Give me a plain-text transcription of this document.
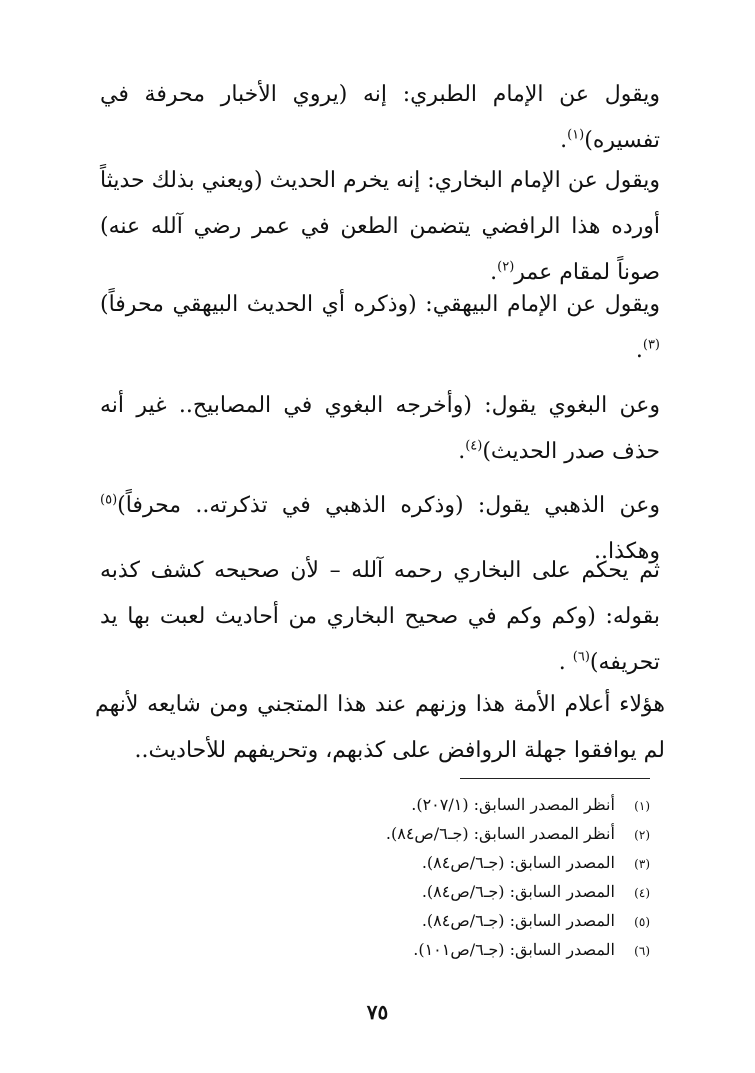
ويقول عن الإمام الطبري: إنه (يروي الأخبار محرفة في تفسيره)$^{(١)}$.

ويقول عن الإمام البخاري: إنه يخرم الحديث (ويعني بذلك حديثاً أورده هذا الرافضي يتضمن الطعن في عمر رضي آلله عنه) صوناً لمقام عمر$^{(٢)}$.

ويقول عن الإمام البيهقي: (وذكره أي الحديث البيهقي محرفاً)$^{(٣)}$.

وعن البغوي يقول: (وأخرجه البغوي في المصابيح.. غير أنه حذف صدر الحديث)$^{(٤)}$.

وعن الذهبي يقول: (وذكره الذهبي في تذكرته.. محرفاً)$^{(٥)}$ وهكذا..

ثم يحكم على البخاري رحمه آلله – لأن صحيحه كشف كذبه بقوله: (وكم وكم في صحيح البخاري من أحاديث لعبت بها يد تحريفه)$^{(٦)}$ .

هؤلاء أعلام الأمة هذا وزنهم عند هذا المتجني ومن شايعه لأنهم لم يوافقوا جهلة الروافض على كذبهم، وتحريفهم للأحاديث..

(١) أنظر المصدر السابق: (٢٠٧/١).
(٢) أنظر المصدر السابق: (جـ٦/ص٨٤).
(٣) المصدر السابق: (جـ٦/ص٨٤).
(٤) المصدر السابق: (جـ٦/ص٨٤).
(٥) المصدر السابق: (جـ٦/ص٨٤).
(٦) المصدر السابق: (جـ٦/ص١٠١).
٧٥
